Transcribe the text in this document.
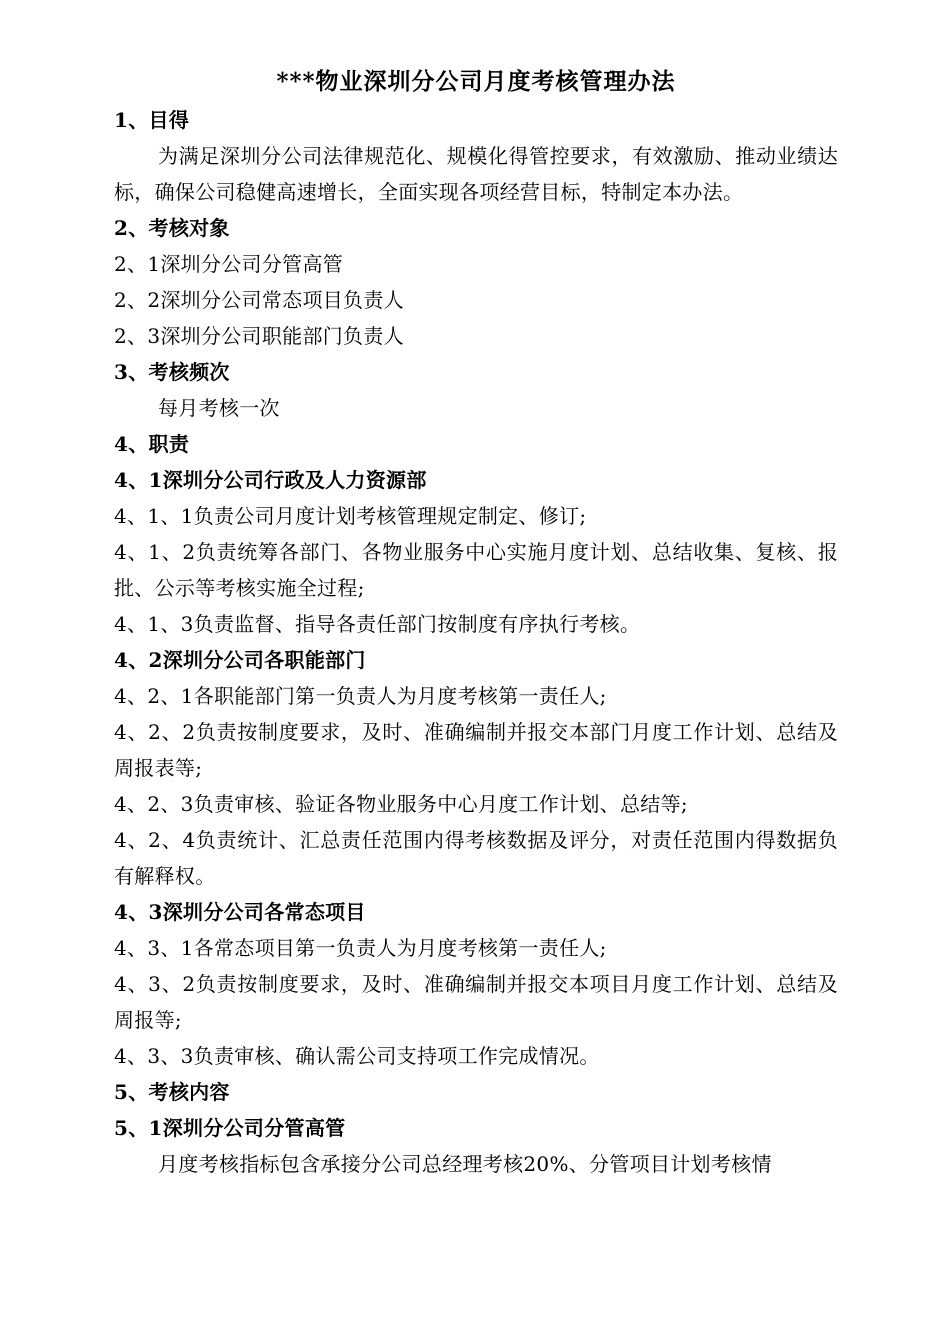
***物业深圳分公司月度考核管理办法
1、目得
为满足深圳分公司法律规范化、规模化得管控要求，有效激励、推动业绩达标，确保公司稳健高速增长，全面实现各项经营目标，特制定本办法。
2、考核对象
2、1深圳分公司分管高管
2、2深圳分公司常态项目负责人
2、3深圳分公司职能部门负责人
3、考核频次
每月考核一次
4、职责
4、1深圳分公司行政及人力资源部
4、1、1负责公司月度计划考核管理规定制定、修订;
4、1、2负责统筹各部门、各物业服务中心实施月度计划、总结收集、复核、报批、公示等考核实施全过程;
4、1、3负责监督、指导各责任部门按制度有序执行考核。
4、2深圳分公司各职能部门
4、2、1各职能部门第一负责人为月度考核第一责任人;
4、2、2负责按制度要求，及时、准确编制并报交本部门月度工作计划、总结及周报表等;
4、2、3负责审核、验证各物业服务中心月度工作计划、总结等;
4、2、4负责统计、汇总责任范围内得考核数据及评分，对责任范围内得数据负有解释权。
4、3深圳分公司各常态项目
4、3、1各常态项目第一负责人为月度考核第一责任人;
4、3、2负责按制度要求，及时、准确编制并报交本项目月度工作计划、总结及周报等;
4、3、3负责审核、确认需公司支持项工作完成情况。
5、考核内容
5、1深圳分公司分管高管
月度考核指标包含承接分公司总经理考核20%、分管项目计划考核情
